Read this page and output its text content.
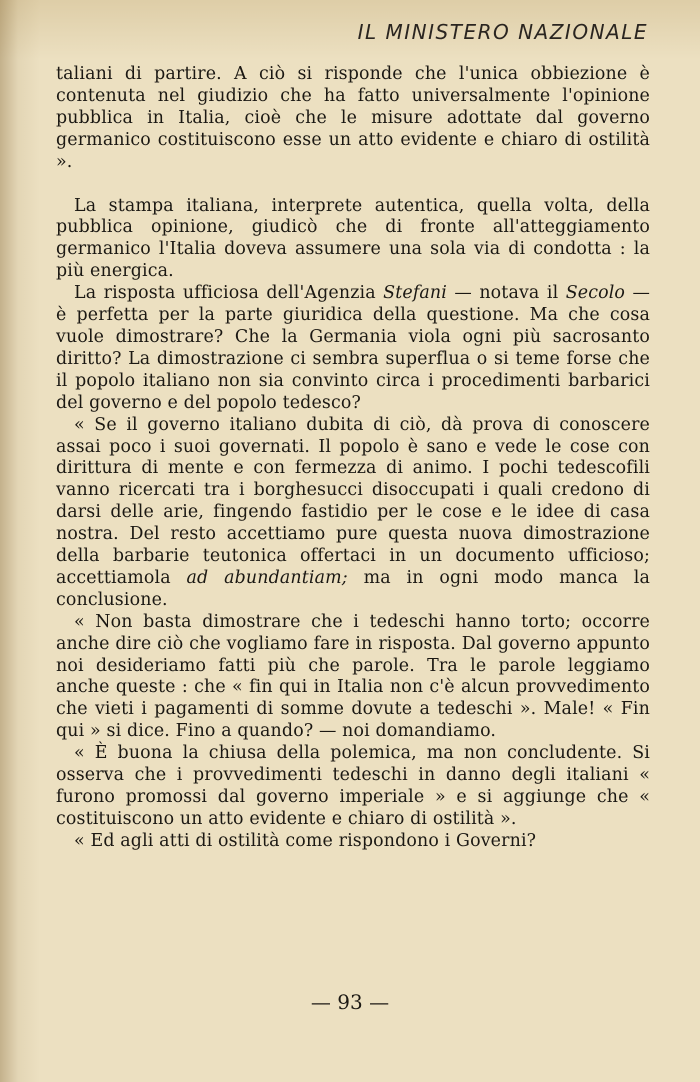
IL MINISTERO NAZIONALE

taliani di partire. A ciò si risponde che l'unica obbiezione è contenuta nel giudizio che ha fatto universalmente l'opinione pubblica in Italia, cioè che le misure adottate dal governo germanico costituiscono esse un atto evidente e chiaro di ostilità ».

La stampa italiana, interprete autentica, quella volta, della pubblica opinione, giudicò che di fronte all'atteggiamento germanico l'Italia doveva assumere una sola via di condotta : la più energica.

La risposta ufficiosa dell'Agenzia Stefani — notava il Secolo — è perfetta per la parte giuridica della questione. Ma che cosa vuole dimostrare? Che la Germania viola ogni più sacrosanto diritto? La dimostrazione ci sembra superflua o si teme forse che il popolo italiano non sia convinto circa i procedimenti barbarici del governo e del popolo tedesco?

« Se il governo italiano dubita di ciò, dà prova di conoscere assai poco i suoi governati. Il popolo è sano e vede le cose con dirittura di mente e con fermezza di animo. I pochi tedescofili vanno ricercati tra i borghesucci disoccupati i quali credono di darsi delle arie, fingendo fastidio per le cose e le idee di casa nostra. Del resto accettiamo pure questa nuova dimostrazione della barbarie teutonica offertaci in un documento ufficioso; accettiamola ad abundantiam; ma in ogni modo manca la conclusione.

« Non basta dimostrare che i tedeschi hanno torto; occorre anche dire ciò che vogliamo fare in risposta. Dal governo appunto noi desideriamo fatti più che parole. Tra le parole leggiamo anche queste : che « fin qui in Italia non c'è alcun provvedimento che vieti i pagamenti di somme dovute a tedeschi ». Male! « Fin qui » si dice. Fino a quando? — noi domandiamo.

« È buona la chiusa della polemica, ma non concludente. Si osserva che i provvedimenti tedeschi in danno degli italiani « furono promossi dal governo imperiale » e si aggiunge che « costituiscono un atto evidente e chiaro di ostilità ».

« Ed agli atti di ostilità come rispondono i Governi?

— 93 —
